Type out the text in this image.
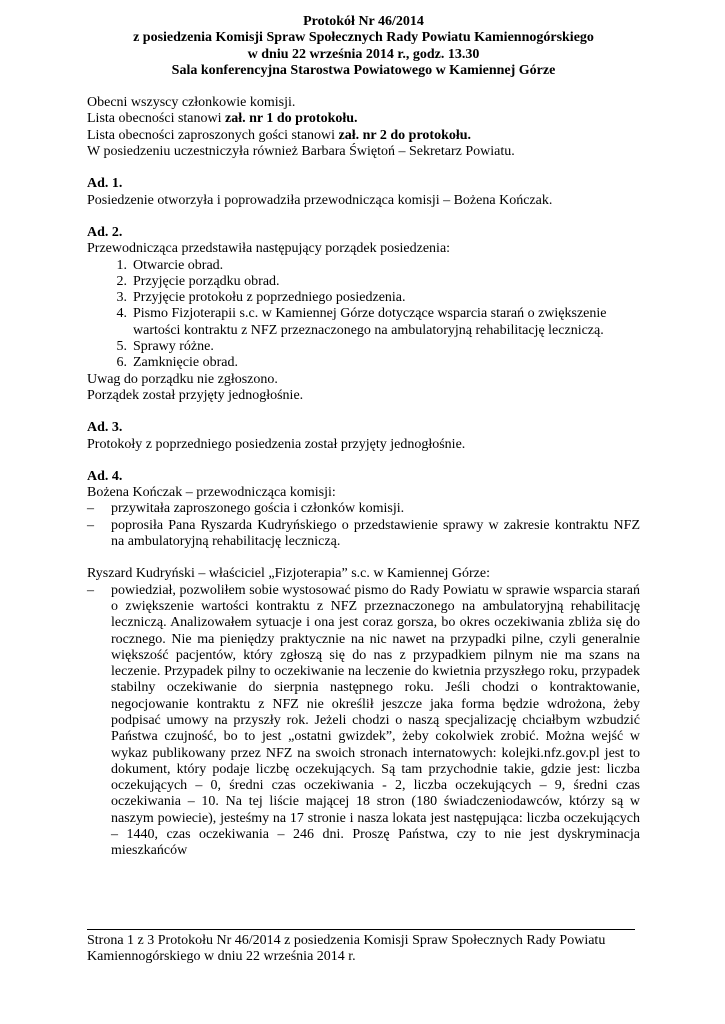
Protokół Nr 46/2014
z posiedzenia Komisji Spraw Społecznych Rady Powiatu Kamiennogórskiego
w dniu 22 września 2014 r., godz. 13.30
Sala konferencyjna Starostwa Powiatowego w Kamiennej Górze
Obecni wszyscy członkowie komisji.
Lista obecności stanowi zał. nr 1 do protokołu.
Lista obecności zaproszonych gości stanowi zał. nr 2 do protokołu.
W posiedzeniu uczestniczyła również Barbara Świętoń – Sekretarz Powiatu.
Ad. 1.
Posiedzenie otworzyła i poprowadziła przewodnicząca komisji – Bożena Kończak.
Ad. 2.
Przewodnicząca przedstawiła następujący porządek posiedzenia:
1. Otwarcie obrad.
2. Przyjęcie porządku obrad.
3. Przyjęcie protokołu z poprzedniego posiedzenia.
4. Pismo Fizjoterapii s.c. w Kamiennej Górze dotyczące wsparcia starań o zwiększenie wartości kontraktu z NFZ przeznaczonego na ambulatoryjną rehabilitację leczniczą.
5. Sprawy różne.
6. Zamknięcie obrad.
Uwag do porządku nie zgłoszono.
Porządek został przyjęty jednogłośnie.
Ad. 3.
Protokoły z poprzedniego posiedzenia został przyjęty jednogłośnie.
Ad. 4.
Bożena Kończak – przewodnicząca komisji:
–	przywitała zaproszonego gościa i członków komisji.
–	poprosiła Pana Ryszarda Kudryńskiego o przedstawienie sprawy w zakresie kontraktu NFZ na ambulatoryjną rehabilitację leczniczą.
Ryszard Kudryński – właściciel „Fizjoterapia” s.c. w Kamiennej Górze:
–	powiedział, pozwoliłem sobie wystosować pismo do Rady Powiatu w sprawie wsparcia starań o zwiększenie wartości kontraktu z NFZ przeznaczonego na ambulatoryjną rehabilitację leczniczą. Analizowałem sytuacje i ona jest coraz gorsza, bo okres oczekiwania zbliża się do rocznego. Nie ma pieniędzy praktycznie na nic nawet na przypadki pilne, czyli generalnie większość pacjentów, który zgłoszą się do nas z przypadkiem pilnym nie ma szans na leczenie. Przypadek pilny to oczekiwanie na leczenie do kwietnia przyszłego roku, przypadek stabilny oczekiwanie do sierpnia następnego roku. Jeśli chodzi o kontraktowanie, negocjowanie kontraktu z NFZ nie określił jeszcze jaka forma będzie wdrożona, żeby podpisać umowy na przyszły rok. Jeżeli chodzi o naszą specjalizację chciałbym wzbudzić Państwa czujność, bo to jest „ostatni gwizdek”, żeby cokolwiek zrobić. Można wejść w wykaz publikowany przez NFZ na swoich stronach internatowych: kolejki.nfz.gov.pl jest to dokument, który podaje liczbę oczekujących. Są tam przychodnie takie, gdzie jest: liczba oczekujących – 0, średni czas oczekiwania - 2, liczba oczekujących – 9, średni czas oczekiwania – 10. Na tej liście mającej 18 stron (180 świadczeniodawców, którzy są w naszym powiecie), jesteśmy na 17 stronie i nasza lokata jest następująca: liczba oczekujących – 1440, czas oczekiwania – 246 dni. Proszę Państwa, czy to nie jest dyskryminacja mieszkańców
Strona 1 z 3 Protokołu Nr 46/2014 z posiedzenia Komisji Spraw Społecznych Rady Powiatu
Kamiennogórskiego w dniu 22 września 2014 r.
